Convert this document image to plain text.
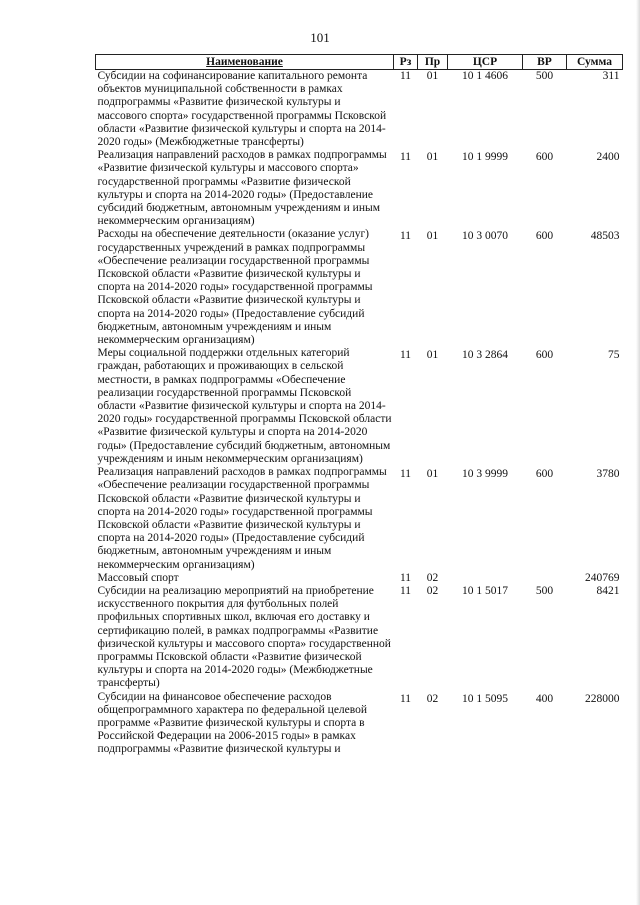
101
Наименование	Рз	Пр	ЦСР	ВР	Сумма
Субсидии на софинансирование капитального ремонта объектов муниципальной собственности в рамках подпрограммы «Развитие физической культуры и массового спорта» государственной программы Псковской области «Развитие физической культуры и спорта на 2014-2020 годы» (Межбюджетные трансферты)	11	01	10 1 4606	500	311
Реализация направлений расходов в рамках подпрограммы «Развитие физической культуры и массового спорта» государственной программы «Развитие физической культуры и спорта на 2014-2020 годы» (Предоставление субсидий бюджетным, автономным учреждениям и иным некоммерческим организациям)	11	01	10 1 9999	600	2400
Расходы на обеспечение деятельности (оказание услуг) государственных учреждений в рамках подпрограммы «Обеспечение реализации государственной программы Псковской области «Развитие физической культуры и спорта на 2014-2020 годы» государственной программы Псковской области «Развитие физической культуры и спорта на 2014-2020 годы» (Предоставление субсидий бюджетным, автономным учреждениям и иным некоммерческим организациям)	11	01	10 3 0070	600	48503
Меры социальной поддержки отдельных категорий граждан, работающих и проживающих в сельской местности, в рамках подпрограммы «Обеспечение реализации государственной программы Псковской области «Развитие физической культуры и спорта на 2014-2020 годы» государственной программы Псковской области «Развитие физической культуры и спорта на 2014-2020 годы» (Предоставление субсидий бюджетным, автономным учреждениям и иным некоммерческим организациям)	11	01	10 3 2864	600	75
Реализация направлений расходов в рамках подпрограммы «Обеспечение реализации государственной программы Псковской области «Развитие физической культуры и спорта на 2014-2020 годы» государственной программы Псковской области «Развитие физической культуры и спорта на 2014-2020 годы» (Предоставление субсидий бюджетным, автономным учреждениям и иным некоммерческим организациям)	11	01	10 3 9999	600	3780
Массовый спорт	11	02			240769
Субсидии на реализацию мероприятий на приобретение искусственного покрытия для футбольных полей профильных спортивных школ, включая его доставку и сертификацию полей, в рамках подпрограммы «Развитие физической культуры и массового спорта» государственной программы Псковской области «Развитие физической культуры и спорта на 2014-2020 годы» (Межбюджетные трансферты)	11	02	10 1 5017	500	8421
Субсидии на финансовое обеспечение расходов общепрограммного характера по федеральной целевой программе «Развитие физической культуры и спорта в Российской Федерации на 2006-2015 годы» в рамках подпрограммы «Развитие физической культуры и	11	02	10 1 5095	400	228000
